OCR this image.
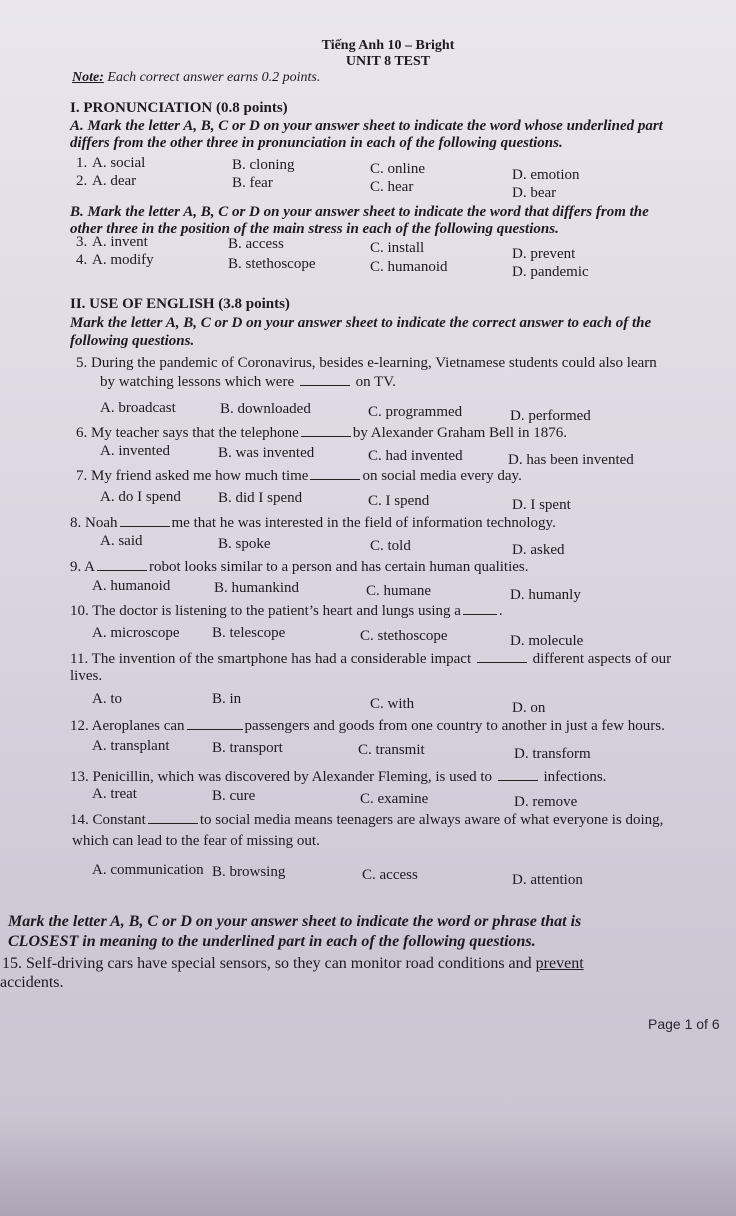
Tiếng Anh 10 – Bright
UNIT 8 TEST
Note: Each correct answer earns 0.2 points.
I. PRONUNCIATION (0.8 points)
A. Mark the letter A, B, C or D on your answer sheet to indicate the word whose underlined part
differs from the other three in pronunciation in each of the following questions.
1. A. social	B. cloning	C. online	D. emotion
2. A. dear	B. fear	C. hear	D. bear
B. Mark the letter A, B, C or D on your answer sheet to indicate the word that differs from the
other three in the position of the main stress in each of the following questions.
3. A. invent	B. access	C. install	D. prevent
4. A. modify	B. stethoscope	C. humanoid	D. pandemic
II. USE OF ENGLISH (3.8 points)
Mark the letter A, B, C or D on your answer sheet to indicate the correct answer to each of the
following questions.
5. During the pandemic of Coronavirus, besides e-learning, Vietnamese students could also learn
by watching lessons which were	on TV.
A. broadcast	B. downloaded	C. programmed	D. performed
6. My teacher says that the telephone	by Alexander Graham Bell in 1876.
A. invented	B. was invented	C. had invented	D. has been invented
7. My friend asked me how much time	on social media every day.
A. do I spend B. did I spend	C. I spend	D. I spent
8. Noah	me that he was interested in the field of information technology.
A. said	B. spoke	C. told	D. asked
9. A	robot looks similar to a person and has certain human qualities.
A. humanoid	B. humankind	C. humane	D. humanly
10. The doctor is listening to the patient’s heart and lungs using a	.
A. microscope B. telescope	C. stethoscope	D. molecule
11. The invention of the smartphone has had a considerable impact	different aspects of our
lives.
A. to	B. in	C. with	D. on
12. Aeroplanes can	passengers and goods from one country to another in just a few hours.
A. transplant	B. transport	C. transmit	D. transform
13. Penicillin, which was discovered by Alexander Fleming, is used to	infections.
A. treat	B. cure	C. examine	D. remove
14. Constant	to social media means teenagers are always aware of what everyone is doing,
which can lead to the fear of missing out.
A. communication B. browsing	C. access	D. attention
Mark the letter A, B, C or D on your answer sheet to indicate the word or phrase that is
CLOSEST in meaning to the underlined part in each of the following questions.
15. Self-driving cars have special sensors, so they can monitor road conditions and prevent
accidents.
Page 1 of 6
